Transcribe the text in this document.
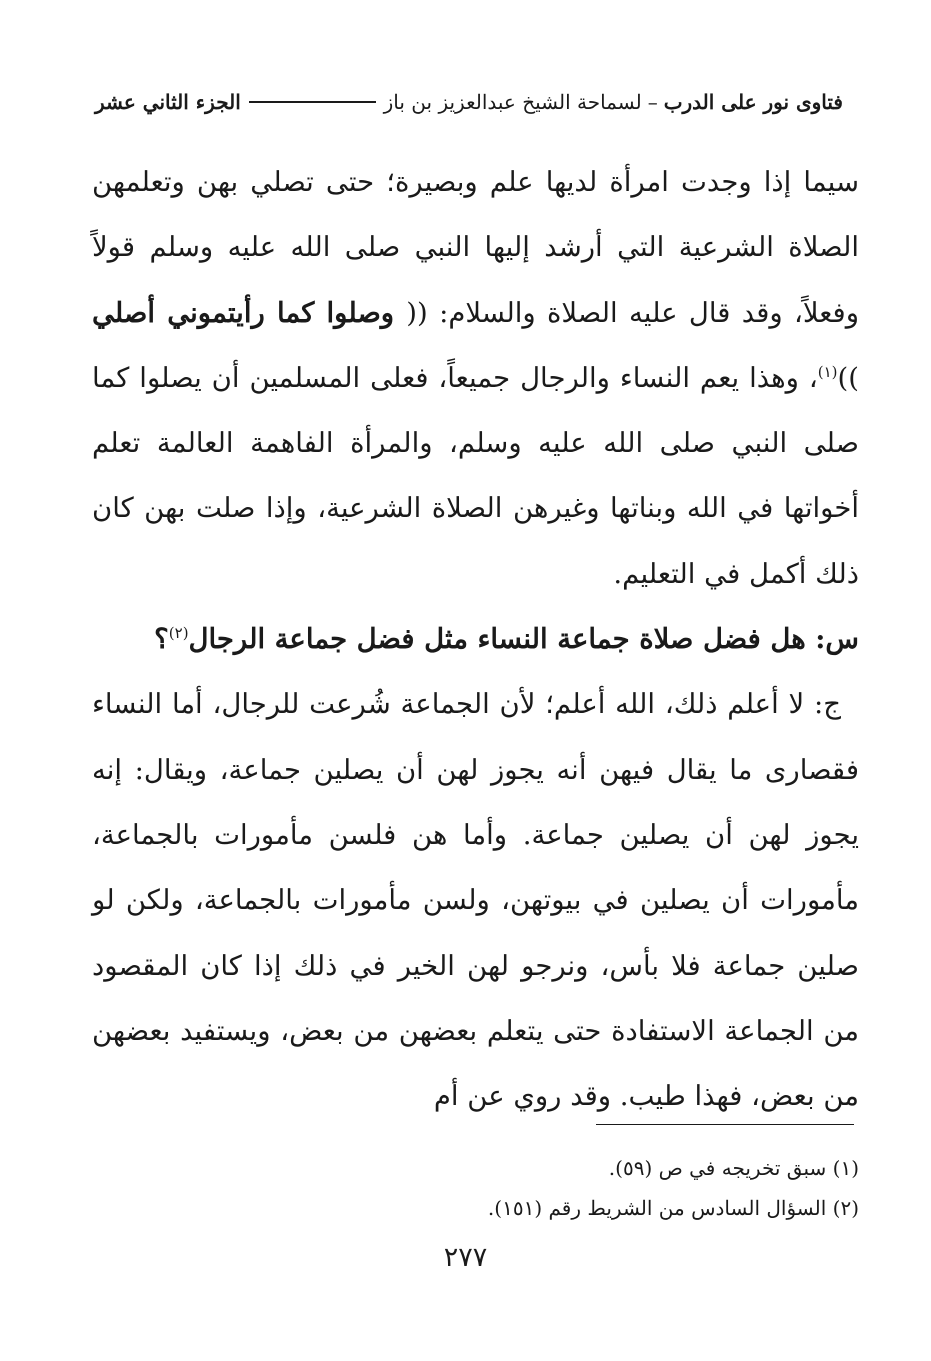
فتاوى نور على الدرب
–
لسماحة الشيخ عبدالعزيز بن باز
الجزء الثاني عشر

سيما إذا وجدت امرأة لديها علم وبصيرة؛ حتى تصلي بهن وتعلمهن الصلاة الشرعية التي أرشد إليها النبي صلى الله عليه وسلم قولاً وفعلاً، وقد قال عليه الصلاة والسلام: (( وصلوا كما رأيتموني أصلي ))$^{(١)}$، وهذا يعم النساء والرجال جميعاً، فعلى المسلمين أن يصلوا كما صلى النبي صلى الله عليه وسلم، والمرأة الفاهمة العالمة تعلم أخواتها في الله وبناتها وغيرهن الصلاة الشرعية، وإذا صلت بهن كان ذلك أكمل في التعليم.

س: هل فضل صلاة جماعة النساء مثل فضل جماعة الرجال$^{(٢)}$؟

ج: لا أعلم ذلك، الله أعلم؛ لأن الجماعة شُرعت للرجال، أما النساء فقصارى ما يقال فيهن أنه يجوز لهن أن يصلين جماعة، ويقال: إنه يجوز لهن أن يصلين جماعة. وأما هن فلسن مأمورات بالجماعة، مأمورات أن يصلين في بيوتهن، ولسن مأمورات بالجماعة، ولكن لو صلين جماعة فلا بأس، ونرجو لهن الخير في ذلك إذا كان المقصود من الجماعة الاستفادة حتى يتعلم بعضهن من بعض، ويستفيد بعضهن من بعض، فهذا طيب. وقد روي عن أم

(١) سبق تخريجه في ص (٥٩).
(٢) السؤال السادس من الشريط رقم (١٥١).
٢٧٧
